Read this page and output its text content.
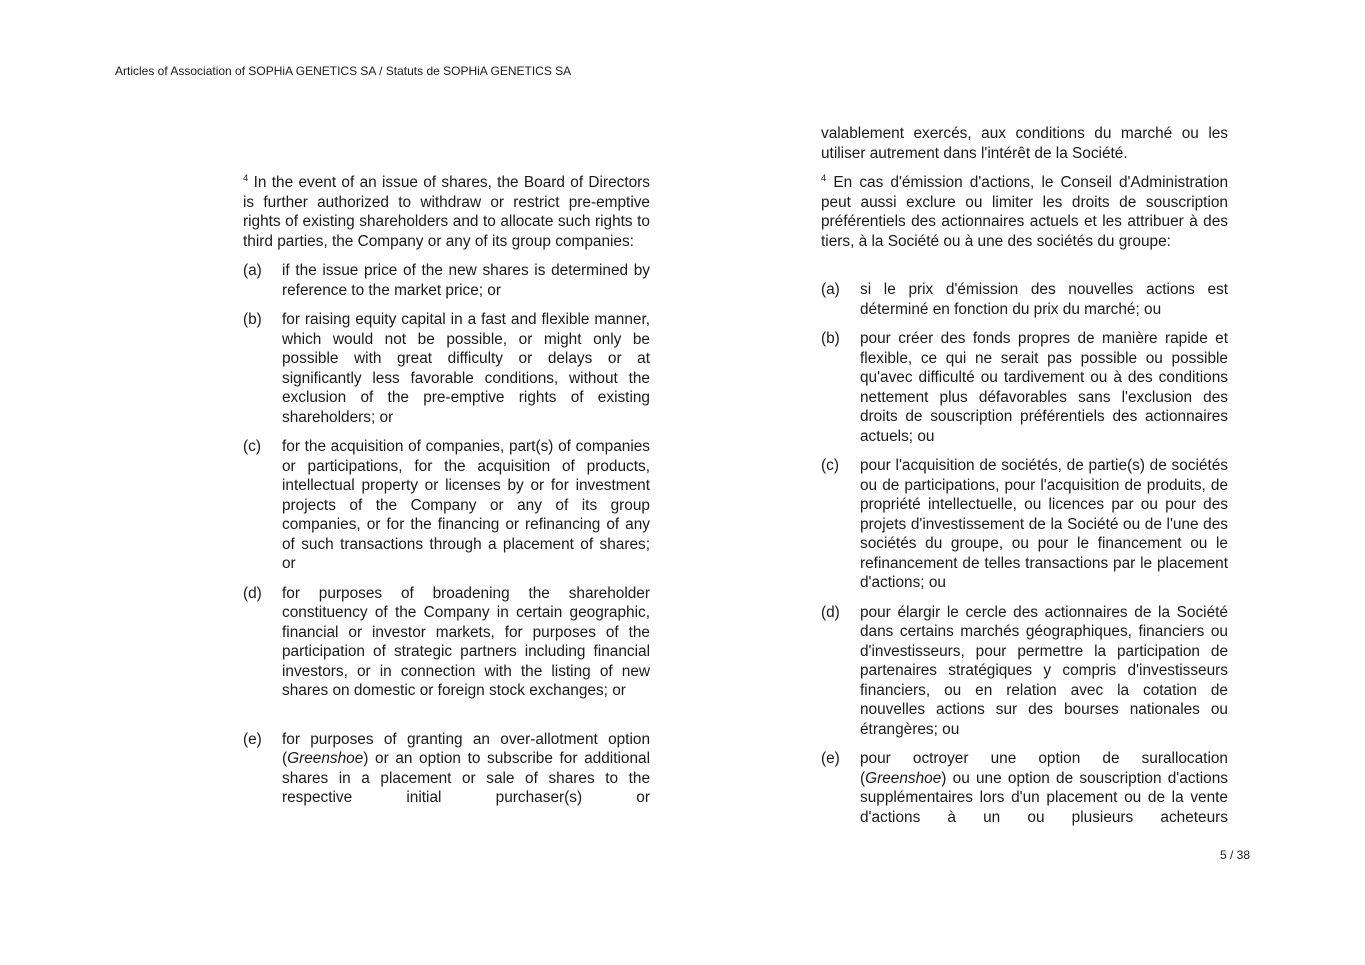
Articles of Association of SOPHiA GENETICS SA / Statuts de SOPHiA GENETICS SA

$^4$ In the event of an issue of shares, the Board of Directors is further authorized to withdraw or restrict pre-emptive rights of existing shareholders and to allocate such rights to third parties, the Company or any of its group companies:

(a)	if the issue price of the new shares is determined by reference to the market price; or
(b)	for raising equity capital in a fast and flexible manner, which would not be possible, or might only be possible with great difficulty or delays or at significantly less favorable conditions, without the exclusion of the pre-emptive rights of existing shareholders; or
(c)	for the acquisition of companies, part(s) of companies or participations, for the acquisition of products, intellectual property or licenses by or for investment projects of the Company or any of its group companies, or for the financing or refinancing of any of such transactions through a placement of shares; or
(d)	for purposes of broadening the shareholder constituency of the Company in certain geographic, financial or investor markets, for purposes of the participation of strategic partners including financial investors, or in connection with the listing of new shares on domestic or foreign stock exchanges; or
(e)	for purposes of granting an over-allotment option (Greenshoe) or an option to subscribe for additional shares in a placement or sale of shares to the respective initial purchaser(s) or

valablement exercés, aux conditions du marché ou les utiliser autrement dans l'intérêt de la Société.

$^4$ En cas d'émission d'actions, le Conseil d'Administration peut aussi exclure ou limiter les droits de souscription préférentiels des actionnaires actuels et les attribuer à des tiers, à la Société ou à une des sociétés du groupe:

(a)	si le prix d'émission des nouvelles actions est déterminé en fonction du prix du marché; ou
(b)	pour créer des fonds propres de manière rapide et flexible, ce qui ne serait pas possible ou possible qu'avec difficulté ou tardivement ou à des conditions nettement plus défavorables sans l'exclusion des droits de souscription préférentiels des actionnaires actuels; ou
(c)	pour l'acquisition de sociétés, de partie(s) de sociétés ou de participations, pour l'acquisition de produits, de propriété intellectuelle, ou licences par ou pour des projets d'investissement de la Société ou de l'une des sociétés du groupe, ou pour le financement ou le refinancement de telles transactions par le placement d'actions; ou
(d)	pour élargir le cercle des actionnaires de la Société dans certains marchés géographiques, financiers ou d'investisseurs, pour permettre la participation de partenaires stratégiques y compris d'investisseurs financiers, ou en relation avec la cotation de nouvelles actions sur des bourses nationales ou étrangères; ou
(e)	pour octroyer une option de surallocation (Greenshoe) ou une option de souscription d'actions supplémentaires lors d'un placement ou de la vente d'actions à un ou plusieurs acheteurs
5 / 38
